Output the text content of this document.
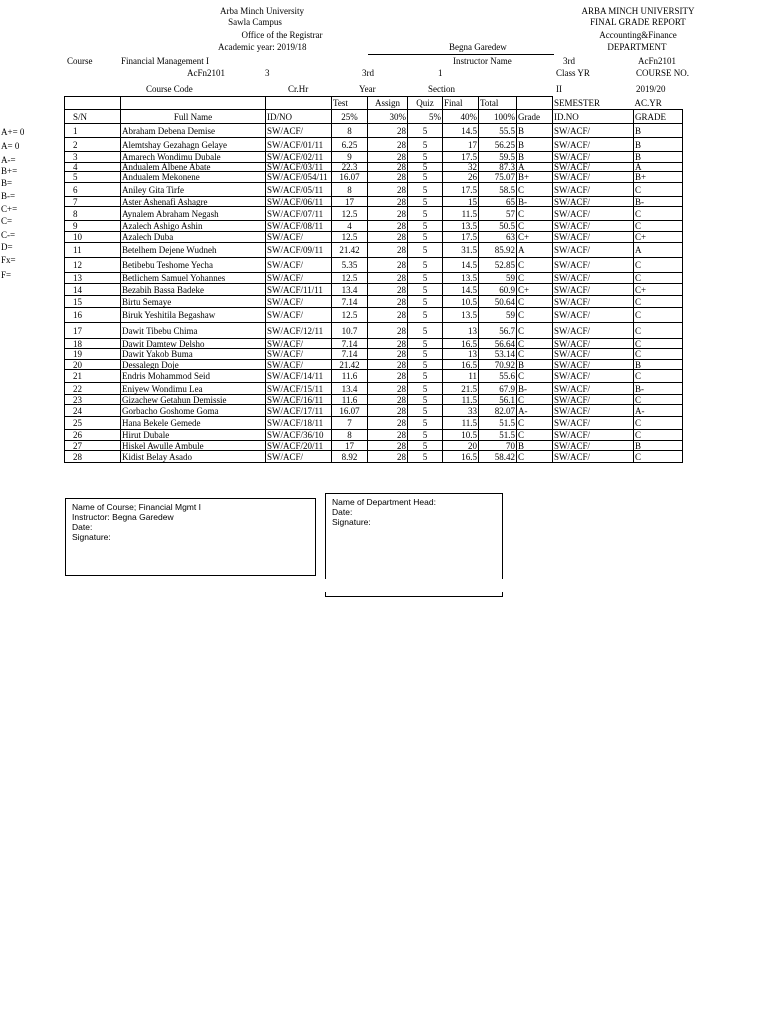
Arba Minch University
Sawla Campus
Office of the Registrar
Academic year: 2019/18	Begna Garedew
Instructor Name
Course	Financial Management I
AcFn2101	3	3rd	1
Course Code	Cr.Hr	Year	Section
ARBA MINCH UNIVERSITY
FINAL GRADE REPORT
Accounting&Finance
DEPARTMENT
3rd	AcFn2101
Class YR	COURSE NO.
II	2019/20
A+= 0
A= 0
A-=
B+=
B=
B-=
C+=
C=
C-=
D=
Fx=
F=
			Test	Assign	Quiz	Final	Total		SEMESTER	AC.YR
S/N	Full Name	ID/NO	25%	30%	5%	40%	100%	Grade	ID.NO	GRADE
1	Abraham Debena Demise	SW/ACF/	8	28	5	14.5	55.5	B	SW/ACF/	B
2	Alemtshay Gezahagn Gelaye	SW/ACF/01/11	6.25	28	5	17	56.25	B	SW/ACF/	B
3	Amarech Wondimu Dubale	SW/ACF/02/11	9	28	5	17.5	59.5	B	SW/ACF/	B
4	Andualem Albene Abate	SW/ACF/03/11	22.3	28	5	32	87.3	A	SW/ACF/	A
5	Andualem Mekonene	SW/ACF/054/11	16.07	28	5	26	75.07	B+	SW/ACF/	B+
6	Aniley Gita Tirfe	SW/ACF/05/11	8	28	5	17.5	58.5	C	SW/ACF/	C
7	Aster Ashenafi Ashagre	SW/ACF/06/11	17	28	5	15	65	B-	SW/ACF/	B-
8	Aynalem Abraham Negash	SW/ACF/07/11	12.5	28	5	11.5	57	C	SW/ACF/	C
9	Azalech Ashigo Ashin	SW/ACF/08/11	4	28	5	13.5	50.5	C	SW/ACF/	C
10	Azalech Duba	SW/ACF/	12.5	28	5	17.5	63	C+	SW/ACF/	C+
11	Betelhem Dejene Wudneh	SW/ACF/09/11	21.42	28	5	31.5	85.92	A	SW/ACF/	A
12	Betibebu Teshome Yecha	SW/ACF/	5.35	28	5	14.5	52.85	C	SW/ACF/	C
13	Betlichem Samuel Yohannes	SW/ACF/	12.5	28	5	13.5	59	C	SW/ACF/	C
14	Bezabih Bassa Badeke	SW/ACF/11/11	13.4	28	5	14.5	60.9	C+	SW/ACF/	C+
15	Birtu Semaye	SW/ACF/	7.14	28	5	10.5	50.64	C	SW/ACF/	C
16	Biruk Yeshitila Begashaw	SW/ACF/	12.5	28	5	13.5	59	C	SW/ACF/	C
17	Dawit Tibebu Chima	SW/ACF/12/11	10.7	28	5	13	56.7	C	SW/ACF/	C
18	Dawit Damtew Delsho	SW/ACF/	7.14	28	5	16.5	56.64	C	SW/ACF/	C
19	Dawit Yakob Buma	SW/ACF/	7.14	28	5	13	53.14	C	SW/ACF/	C
20	Dessalegn Doje	SW/ACF/	21.42	28	5	16.5	70.92	B	SW/ACF/	B
21	Endris Mohammod Seid	SW/ACF/14/11	11.6	28	5	11	55.6	C	SW/ACF/	C
22	Eniyew Wondimu Lea	SW/ACF/15/11	13.4	28	5	21.5	67.9	B-	SW/ACF/	B-
23	Gizachew Getahun Demissie	SW/ACF/16/11	11.6	28	5	11.5	56.1	C	SW/ACF/	C
24	Gorbacho Goshome Goma	SW/ACF/17/11	16.07	28	5	33	82.07	A-	SW/ACF/	A-
25	Hana Bekele Gemede	SW/ACF/18/11	7	28	5	11.5	51.5	C	SW/ACF/	C
26	Hirut Dubale	SW/ACF/36/10	8	28	5	10.5	51.5	C	SW/ACF/	C
27	Hiskel Awulle Ambule	SW/ACF/20/11	17	28	5	20	70	B	SW/ACF/	B
28	Kidist Belay Asado	SW/ACF/	8.92	28	5	16.5	58.42	C	SW/ACF/	C
Name of Course; Financial Mgmt I
Instructor: Begna Garedew
Date:
Signature:
Name of Department Head:
Date:
Signature:
